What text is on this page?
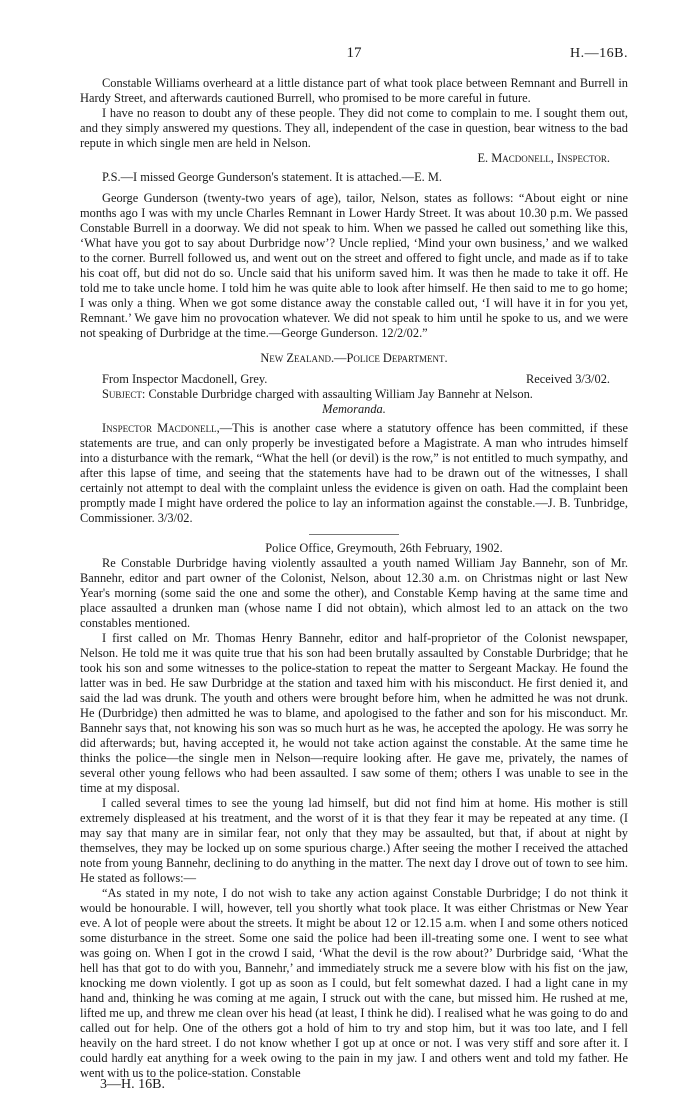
17	H.—16B.

Constable Williams overheard at a little distance part of what took place between Remnant and Burrell in Hardy Street, and afterwards cautioned Burrell, who promised to be more careful in future.

I have no reason to doubt any of these people. They did not come to complain to me. I sought them out, and they simply answered my questions. They all, independent of the case in question, bear witness to the bad repute in which single men are held in Nelson.

E. Macdonell, Inspector.

P.S.—I missed George Gunderson's statement. It is attached.—E. M.

George Gunderson (twenty-two years of age), tailor, Nelson, states as follows: “About eight or nine months ago I was with my uncle Charles Remnant in Lower Hardy Street. It was about 10.30 p.m. We passed Constable Burrell in a doorway. We did not speak to him. When we passed he called out something like this, ‘What have you got to say about Durbridge now’? Uncle replied, ‘Mind your own business,’ and we walked to the corner. Burrell followed us, and went out on the street and offered to fight uncle, and made as if to take his coat off, but did not do so. Uncle said that his uniform saved him. It was then he made to take it off. He told me to take uncle home. I told him he was quite able to look after himself. He then said to me to go home; I was only a thing. When we got some distance away the constable called out, ‘I will have it in for you yet, Remnant.’ We gave him no provocation whatever. We did not speak to him until he spoke to us, and we were not speaking of Durbridge at the time.—George Gunderson. 12/2/02.”

New Zealand.—Police Department.

From Inspector Macdonell, Grey.	Received 3/3/02.

Subject: Constable Durbridge charged with assaulting William Jay Bannehr at Nelson.

Memoranda.

Inspector Macdonell,—This is another case where a statutory offence has been committed, if these statements are true, and can only properly be investigated before a Magistrate. A man who intrudes himself into a disturbance with the remark, “What the hell (or devil) is the row,” is not entitled to much sympathy, and after this lapse of time, and seeing that the statements have had to be drawn out of the witnesses, I shall certainly not attempt to deal with the complaint unless the evidence is given on oath. Had the complaint been promptly made I might have ordered the police to lay an information against the constable.—J. B. Tunbridge, Commissioner. 3/3/02.

Police Office, Greymouth, 26th February, 1902.

Re Constable Durbridge having violently assaulted a youth named William Jay Bannehr, son of Mr. Bannehr, editor and part owner of the Colonist, Nelson, about 12.30 a.m. on Christmas night or last New Year's morning (some said the one and some the other), and Constable Kemp having at the same time and place assaulted a drunken man (whose name I did not obtain), which almost led to an attack on the two constables mentioned.

I first called on Mr. Thomas Henry Bannehr, editor and half-proprietor of the Colonist newspaper, Nelson. He told me it was quite true that his son had been brutally assaulted by Constable Durbridge; that he took his son and some witnesses to the police-station to repeat the matter to Sergeant Mackay. He found the latter was in bed. He saw Durbridge at the station and taxed him with his misconduct. He first denied it, and said the lad was drunk. The youth and others were brought before him, when he admitted he was not drunk. He (Durbridge) then admitted he was to blame, and apologised to the father and son for his misconduct. Mr. Bannehr says that, not knowing his son was so much hurt as he was, he accepted the apology. He was sorry he did afterwards; but, having accepted it, he would not take action against the constable. At the same time he thinks the police—the single men in Nelson—require looking after. He gave me, privately, the names of several other young fellows who had been assaulted. I saw some of them; others I was unable to see in the time at my disposal.

I called several times to see the young lad himself, but did not find him at home. His mother is still extremely displeased at his treatment, and the worst of it is that they fear it may be repeated at any time. (I may say that many are in similar fear, not only that they may be assaulted, but that, if about at night by themselves, they may be locked up on some spurious charge.) After seeing the mother I received the attached note from young Bannehr, declining to do anything in the matter. The next day I drove out of town to see him. He stated as follows:—

“As stated in my note, I do not wish to take any action against Constable Durbridge; I do not think it would be honourable. I will, however, tell you shortly what took place. It was either Christmas or New Year eve. A lot of people were about the streets. It might be about 12 or 12.15 a.m. when I and some others noticed some disturbance in the street. Some one said the police had been ill-treating some one. I went to see what was going on. When I got in the crowd I said, ‘What the devil is the row about?’ Durbridge said, ‘What the hell has that got to do with you, Bannehr,’ and immediately struck me a severe blow with his fist on the jaw, knocking me down violently. I got up as soon as I could, but felt somewhat dazed. I had a light cane in my hand and, thinking he was coming at me again, I struck out with the cane, but missed him. He rushed at me, lifted me up, and threw me clean over his head (at least, I think he did). I realised what he was going to do and called out for help. One of the others got a hold of him to try and stop him, but it was too late, and I fell heavily on the hard street. I do not know whether I got up at once or not. I was very stiff and sore after it. I could hardly eat anything for a week owing to the pain in my jaw. I and others went and told my father. He went with us to the police-station. Constable

3—H. 16B.
